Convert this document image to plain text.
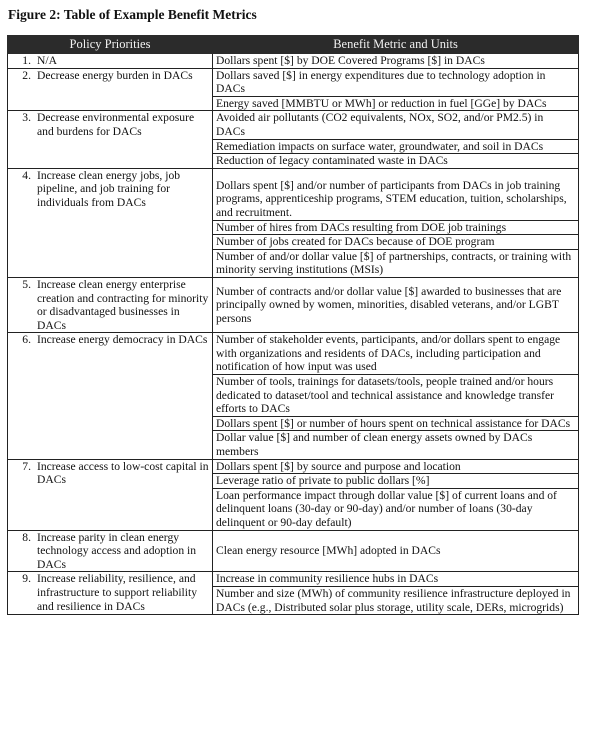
Figure 2: Table of Example Benefit Metrics
Policy Priorities	Benefit Metric and Units

1. N/A	Dollars spent [$] by DOE Covered Programs [$] in DACs

2. Decrease energy burden in DACs	Dollars saved [$] in energy expenditures due to technology adoption in DACs
Energy saved [MMBTU or MWh] or reduction in fuel [GGe] by DACs

3. Decrease environmental exposure and burdens for DACs	Avoided air pollutants (CO2 equivalents, NOx, SO2, and/or PM2.5) in DACs
Remediation impacts on surface water, groundwater, and soil in DACs
Reduction of legacy contaminated waste in DACs

4. Increase clean energy jobs, job pipeline, and job training for individuals from DACs	Dollars spent [$] and/or number of participants from DACs in job training programs, apprenticeship programs, STEM education, tuition, scholarships, and recruitment.
Number of hires from DACs resulting from DOE job trainings
Number of jobs created for DACs because of DOE program
Number of and/or dollar value [$] of partnerships, contracts, or training with minority serving institutions (MSIs)

5. Increase clean energy enterprise creation and contracting for minority or disadvantaged businesses in DACs	Number of contracts and/or dollar value [$] awarded to businesses that are principally owned by women, minorities, disabled veterans, and/or LGBT persons

6. Increase energy democracy in DACs	Number of stakeholder events, participants, and/or dollars spent to engage with organizations and residents of DACs, including participation and notification of how input was used
Number of tools, trainings for datasets/tools, people trained and/or hours dedicated to dataset/tool and technical assistance and knowledge transfer efforts to DACs
Dollars spent [$] or number of hours spent on technical assistance for DACs
Dollar value [$] and number of clean energy assets owned by DACs members

7. Increase access to low-cost capital in DACs	Dollars spent [$] by source and purpose and location
Leverage ratio of private to public dollars [%]
Loan performance impact through dollar value [$] of current loans and of delinquent loans (30-day or 90-day) and/or number of loans (30-day delinquent or 90-day default)

8. Increase parity in clean energy technology access and adoption in DACs	Clean energy resource [MWh] adopted in DACs

9. Increase reliability, resilience, and infrastructure to support reliability and resilience in DACs	Increase in community resilience hubs in DACs
Number and size (MWh) of community resilience infrastructure deployed in DACs (e.g., Distributed solar plus storage, utility scale, DERs, microgrids)
